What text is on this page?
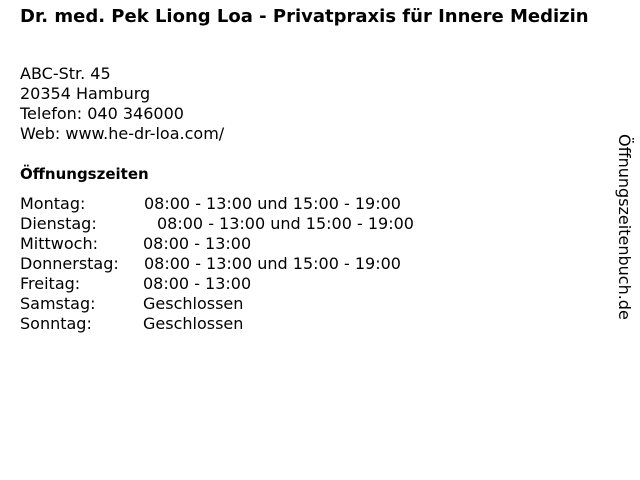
Dr. med. Pek Liong Loa - Privatpraxis für Innere Medizin
ABC-Str. 45
20354 Hamburg
Telefon: 040 346000
Web: www.he-dr-loa.com/
Öffnungszeiten
Montag:	08:00 - 13:00 und 15:00 - 19:00
Dienstag:	08:00 - 13:00 und 15:00 - 19:00
Mittwoch:	08:00 - 13:00
Donnerstag: 08:00 - 13:00 und 15:00 - 19:00
Freitag:	08:00 - 13:00
Samstag:	Geschlossen
Sonntag:	Geschlossen
Öffnungszeitenbuch.de
